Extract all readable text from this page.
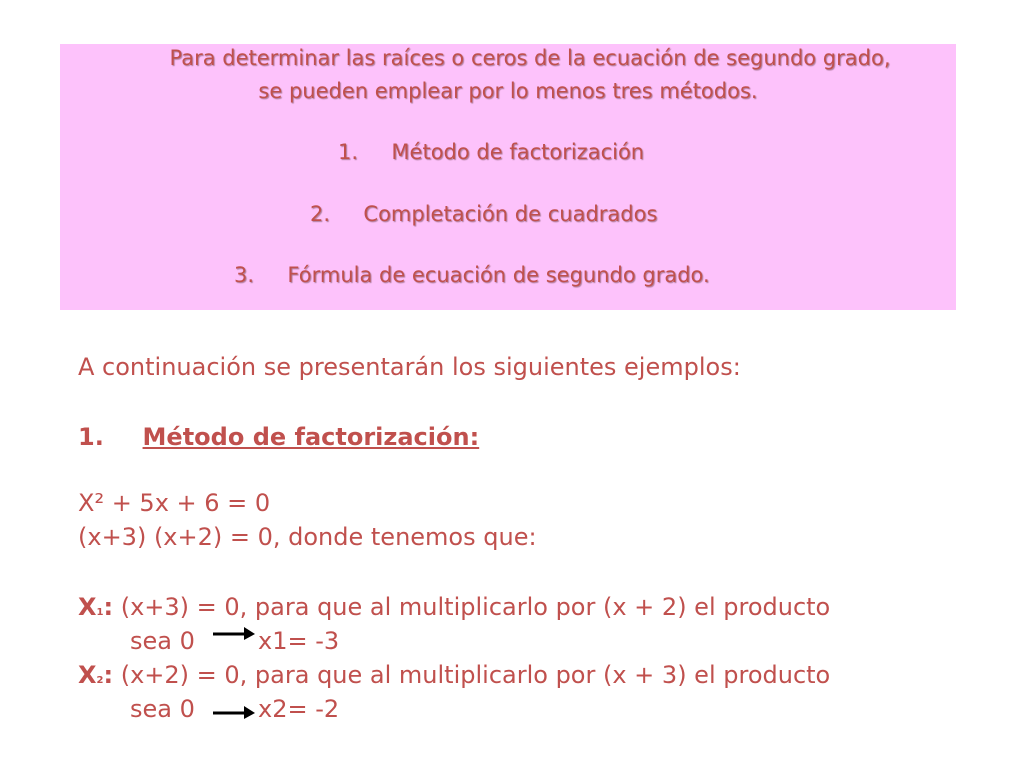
Para determinar las raíces o ceros de la ecuación de segundo grado,
se pueden emplear por lo menos tres métodos.
1. Método de factorización
2. Completación de cuadrados
3. Fórmula de ecuación de segundo grado.
A continuación se presentarán los siguientes ejemplos:
1. Método de factorización:
X² + 5x + 6 = 0
(x+3) (x+2) = 0, donde tenemos que:
X1: (x+3) = 0, para que al multiplicarlo por (x + 2) el producto
sea 0	x1= -3
X2: (x+2) = 0, para que al multiplicarlo por (x + 3) el producto
sea 0	x2= -2
